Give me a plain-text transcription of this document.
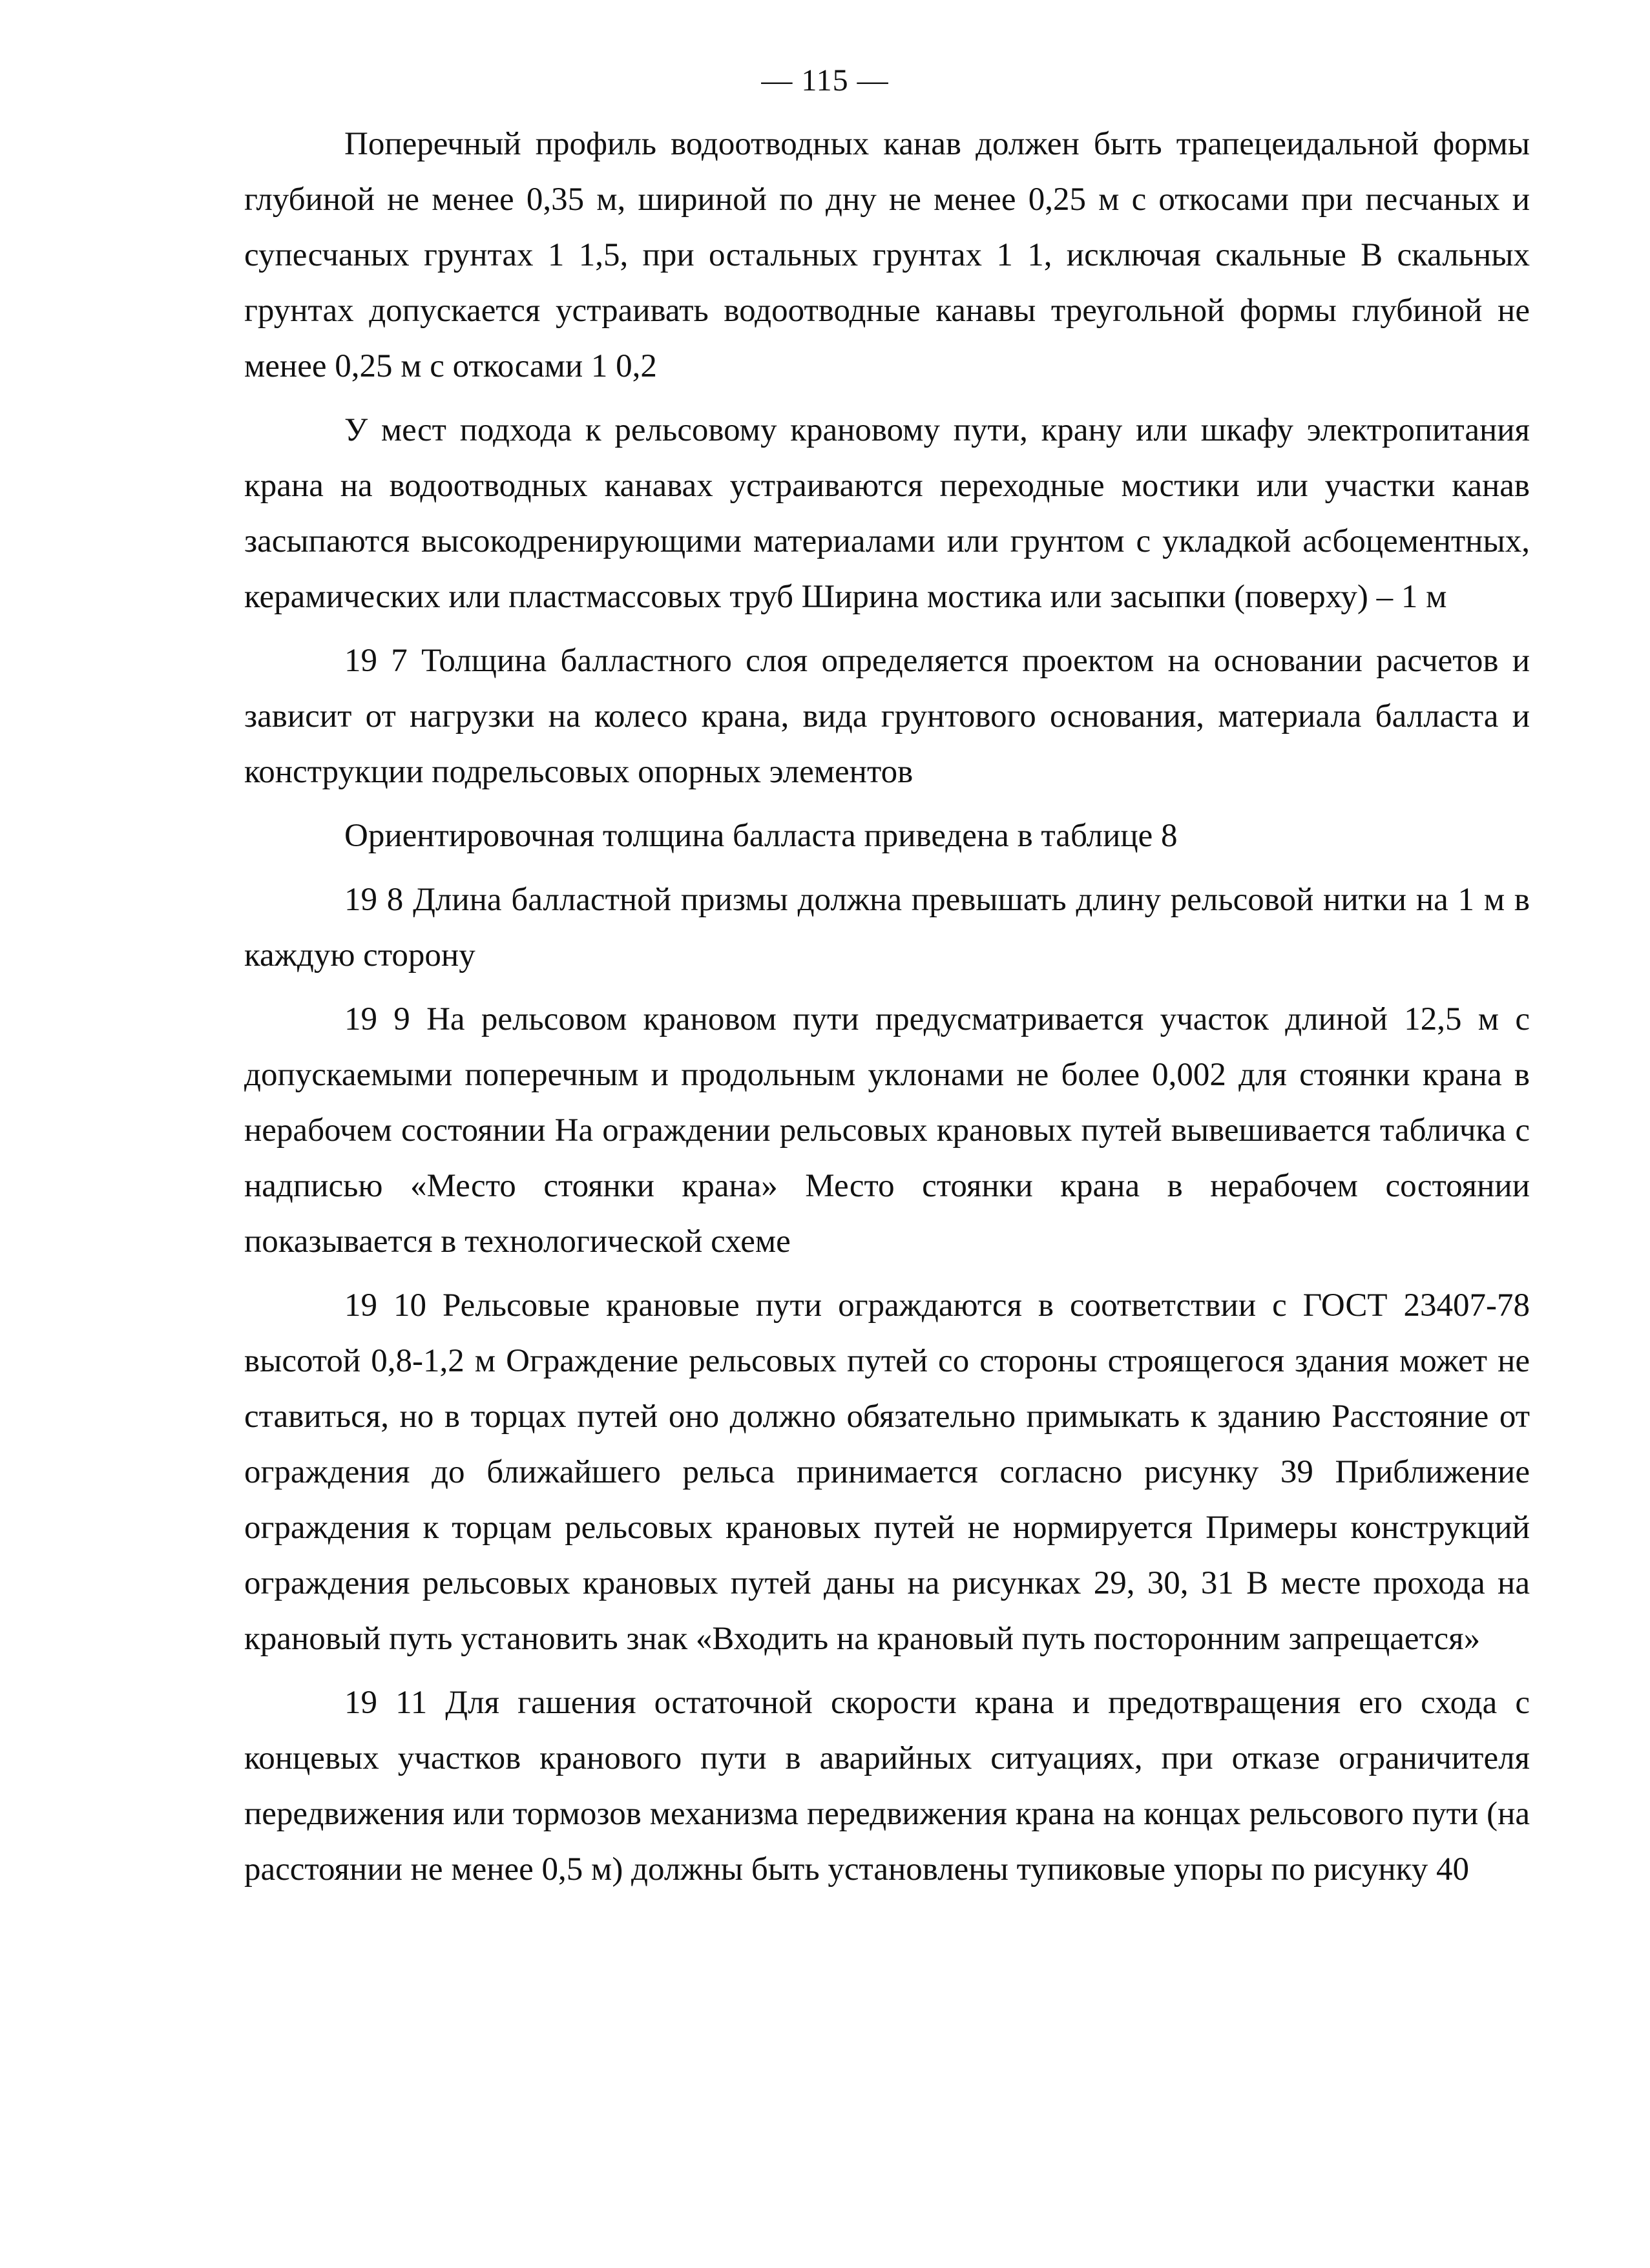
— 115 —

Поперечный профиль водоотводных канав должен быть трапецеидальной формы глубиной не менее 0,35 м, шириной по дну не менее 0,25 м с откосами при песчаных и супесчаных грунтах 1 1,5, при остальных грунтах 1 1, исключая скальные В скальных грунтах допускается устраивать водоотводные канавы треугольной формы глубиной не менее 0,25 м с откосами 1 0,2

У мест подхода к рельсовому крановому пути, крану или шкафу электропитания крана на водоотводных канавах устраиваются переходные мостики или участки канав засыпаются высокодренирующими материалами или грунтом с укладкой асбоцементных, керамических или пластмассовых труб Ширина мостика или засыпки (поверху) – 1 м

19 7 Толщина балластного слоя определяется проектом на основании расчетов и зависит от нагрузки на колесо крана, вида грунтового основания, материала балласта и конструкции подрельсовых опорных элементов

Ориентировочная толщина балласта приведена в таблице 8

19 8 Длина балластной призмы должна превышать длину рельсовой нитки на 1 м в каждую сторону

19 9 На рельсовом крановом пути предусматривается участок длиной 12,5 м с допускаемыми поперечным и продольным уклонами не более 0,002 для стоянки крана в нерабочем состоянии На ограждении рельсовых крановых путей вывешивается табличка с надписью «Место стоянки крана» Место стоянки крана в нерабочем состоянии показывается в технологической схеме

19 10 Рельсовые крановые пути ограждаются в соответствии с ГОСТ 23407-78 высотой 0,8-1,2 м Ограждение рельсовых путей со стороны строящегося здания может не ставиться, но в торцах путей оно должно обязательно примыкать к зданию Расстояние от ограждения до ближайшего рельса принимается согласно рисунку 39 Приближение ограждения к торцам рельсовых крановых путей не нормируется Примеры конструкций ограждения рельсовых крановых путей даны на рисунках 29, 30, 31 В месте прохода на крановый путь установить знак «Входить на крановый путь посторонним запрещается»

19 11 Для гашения остаточной скорости крана и предотвращения его схода с концевых участков кранового пути в аварийных ситуациях, при отказе ограничителя передвижения или тормозов механизма передвижения крана на концах рельсового пути (на расстоянии не менее 0,5 м) должны быть установлены тупиковые упоры по рисунку 40
